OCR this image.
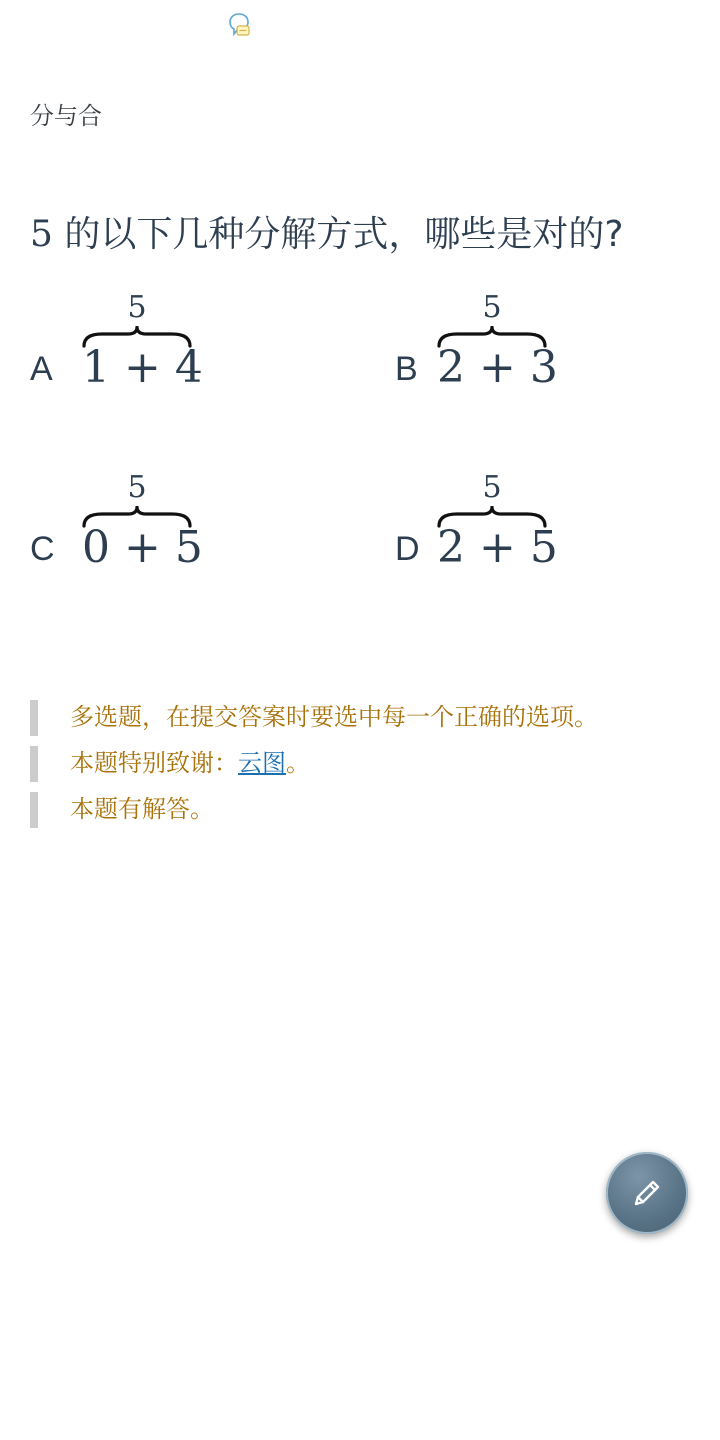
分与合
5 的以下几种分解方式，哪些是对的?
A
5
1 + 4	B
5
2 + 3
C
5
0 + 5	D
5
2 + 5
多选题，在提交答案时要选中每一个正确的选项。
本题特别致谢：云图。
本题有解答。
